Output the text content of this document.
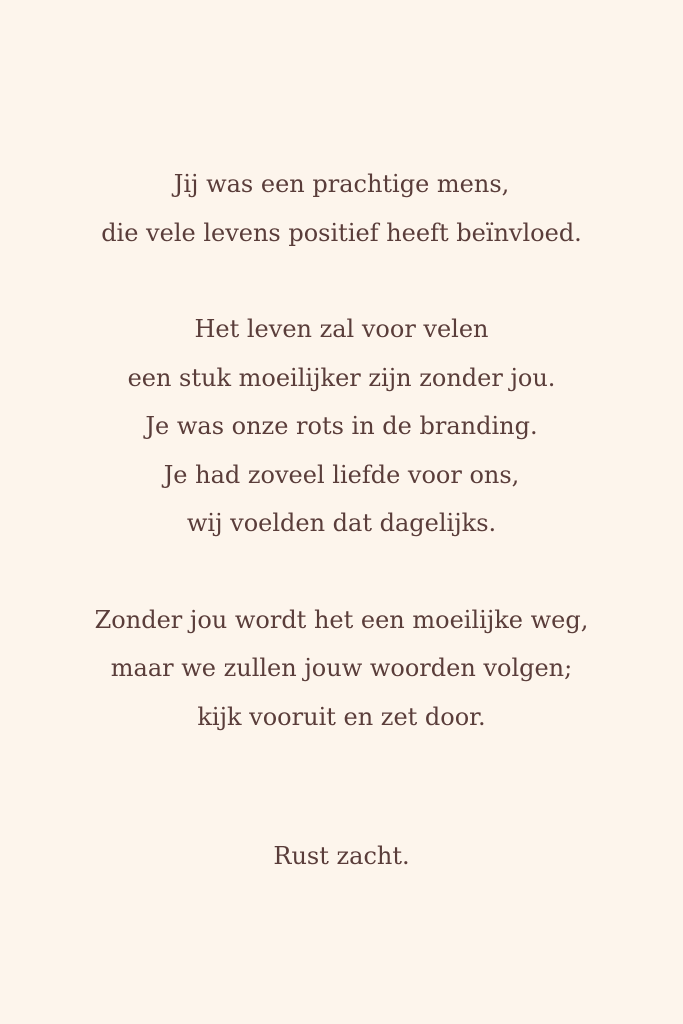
Jij was een prachtige mens,
die vele levens positief heeft beïnvloed.
Het leven zal voor velen
een stuk moeilijker zijn zonder jou.
Je was onze rots in de branding.
Je had zoveel liefde voor ons,
wij voelden dat dagelijks.
Zonder jou wordt het een moeilijke weg,
maar we zullen jouw woorden volgen;
kijk vooruit en zet door.
Rust zacht.
